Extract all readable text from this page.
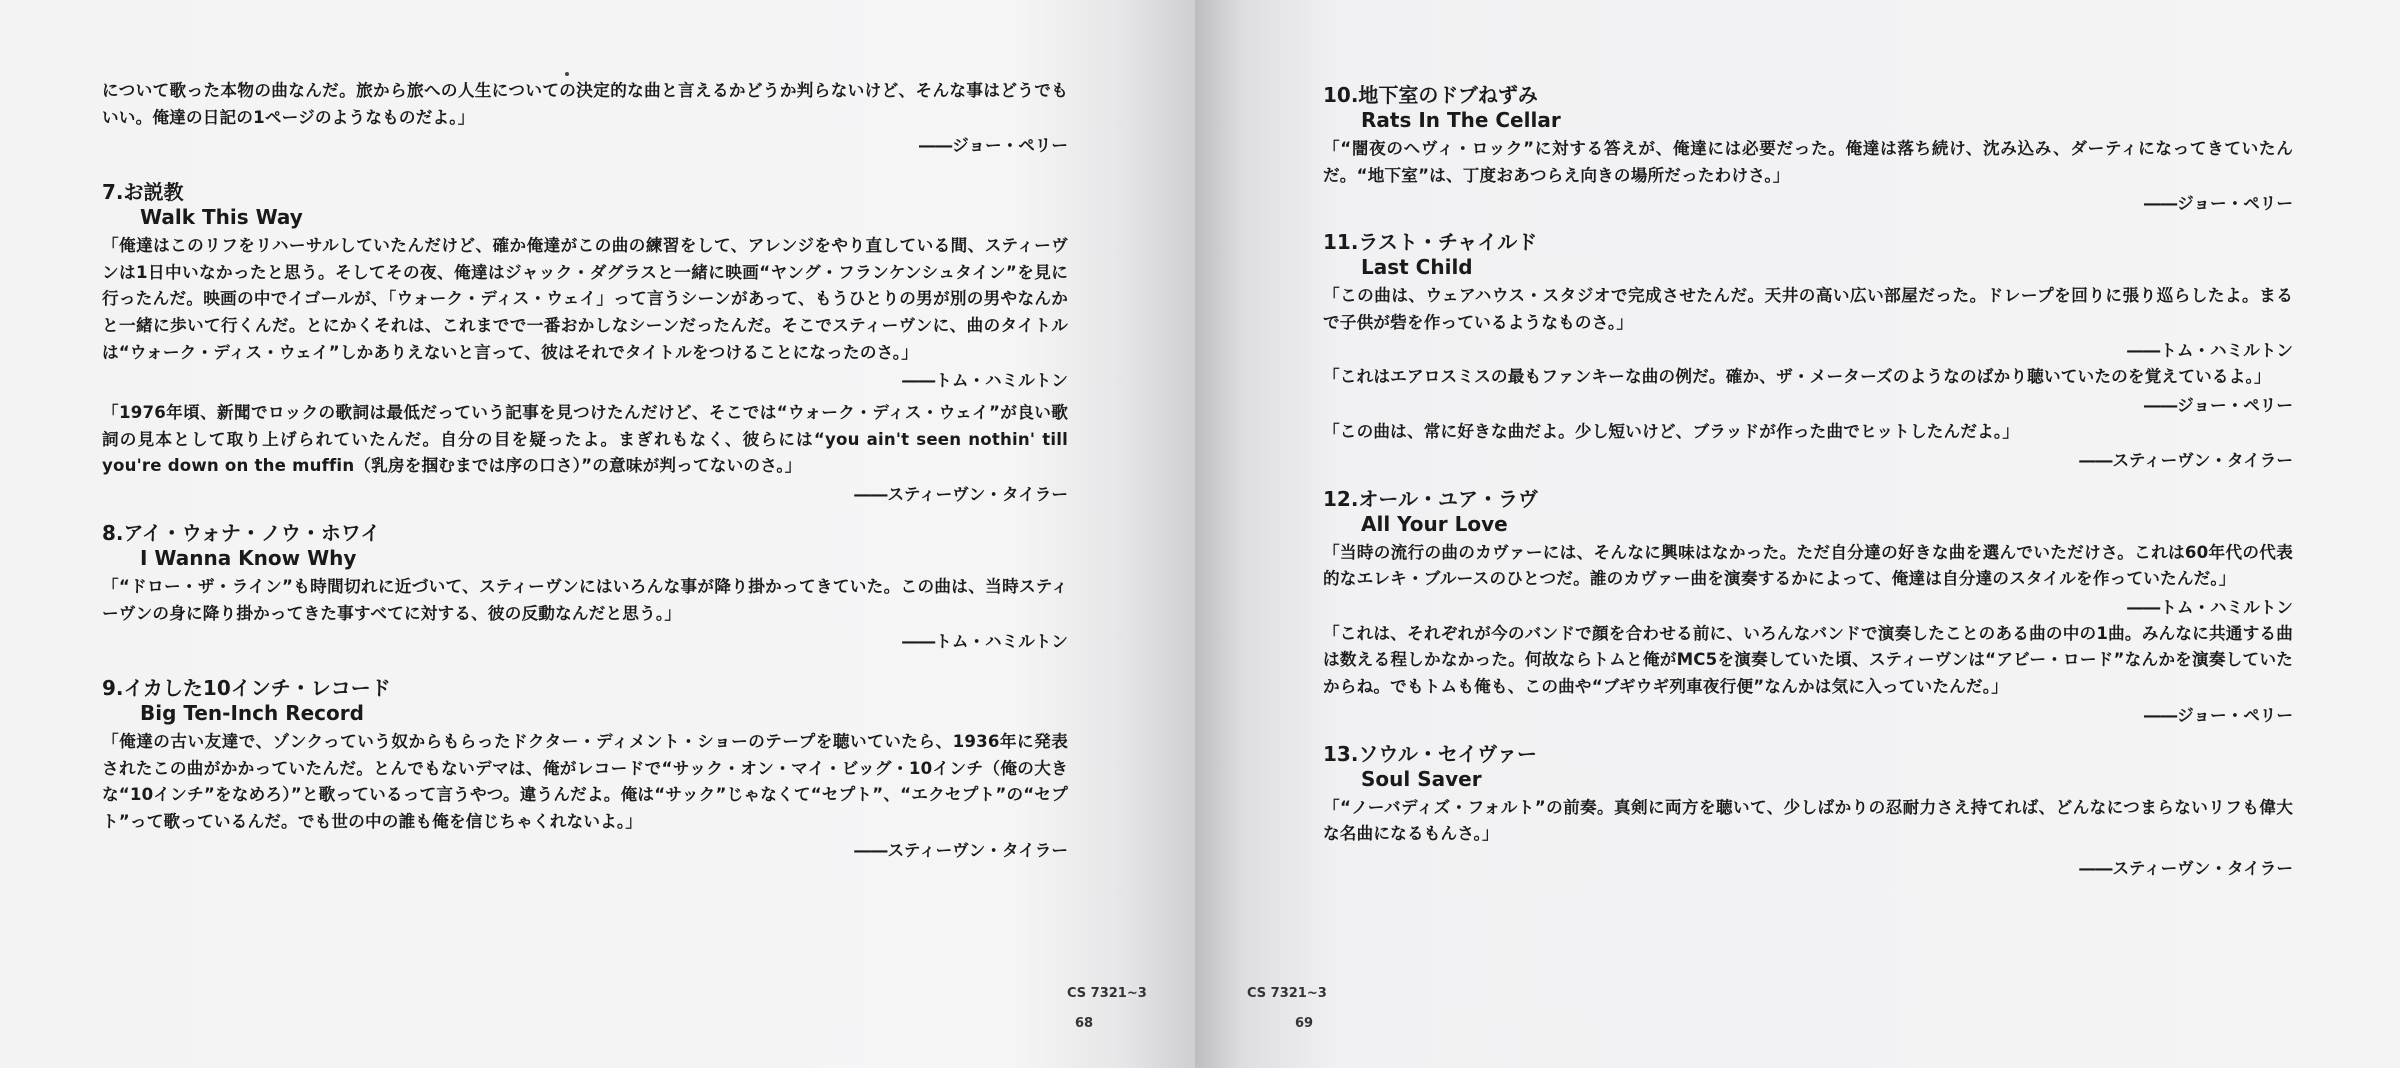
について歌った本物の曲なんだ。旅から旅への人生についての決定的な曲と言えるかどうか判らないけど、そんな事はどうでもいい。俺達の日記の1ページのようなものだよ。」

――ジョー・ペリー

7.お説教

Walk This Way

「俺達はこのリフをリハーサルしていたんだけど、確か俺達がこの曲の練習をして、アレンジをやり直している間、スティーヴンは1日中いなかったと思う。そしてその夜、俺達はジャック・ダグラスと一緒に映画“ヤング・フランケンシュタイン”を見に行ったんだ。映画の中でイゴールが、「ウォーク・ディス・ウェイ」って言うシーンがあって、もうひとりの男が別の男やなんかと一緒に歩いて行くんだ。とにかくそれは、これまでで一番おかしなシーンだったんだ。そこでスティーヴンに、曲のタイトルは“ウォーク・ディス・ウェイ”しかありえないと言って、彼はそれでタイトルをつけることになったのさ。」

――トム・ハミルトン

「1976年頃、新聞でロックの歌詞は最低だっていう記事を見つけたんだけど、そこでは“ウォーク・ディス・ウェイ”が良い歌詞の見本として取り上げられていたんだ。自分の目を疑ったよ。まぎれもなく、彼らには“you ain't seen nothin' till you're down on the muffin（乳房を掴むまでは序の口さ）”の意味が判ってないのさ。」

――スティーヴン・タイラー

8.アイ・ウォナ・ノウ・ホワイ

I Wanna Know Why

「“ドロー・ザ・ライン”も時間切れに近づいて、スティーヴンにはいろんな事が降り掛かってきていた。この曲は、当時スティーヴンの身に降り掛かってきた事すべてに対する、彼の反動なんだと思う。」

――トム・ハミルトン

9.イカした10インチ・レコード

Big Ten-Inch Record

「俺達の古い友達で、ゾンクっていう奴からもらったドクター・ディメント・ショーのテープを聴いていたら、1936年に発表されたこの曲がかかっていたんだ。とんでもないデマは、俺がレコードで“サック・オン・マイ・ビッグ・10インチ（俺の大きな“10インチ”をなめろ）”と歌っているって言うやつ。違うんだよ。俺は“サック”じゃなくて“セプト”、“エクセプト”の“セプト”って歌っているんだ。でも世の中の誰も俺を信じちゃくれないよ。」

――スティーヴン・タイラー

CS 7321~3
68

10.地下室のドブねずみ

Rats In The Cellar

「“闇夜のヘヴィ・ロック”に対する答えが、俺達には必要だった。俺達は落ち続け、沈み込み、ダーティになってきていたんだ。“地下室”は、丁度おあつらえ向きの場所だったわけさ。」

――ジョー・ペリー

11.ラスト・チャイルド

Last Child

「この曲は、ウェアハウス・スタジオで完成させたんだ。天井の高い広い部屋だった。ドレープを回りに張り巡らしたよ。まるで子供が砦を作っているようなものさ。」

――トム・ハミルトン

「これはエアロスミスの最もファンキーな曲の例だ。確か、ザ・メーターズのようなのばかり聴いていたのを覚えているよ。」

――ジョー・ペリー

「この曲は、常に好きな曲だよ。少し短いけど、ブラッドが作った曲でヒットしたんだよ。」

――スティーヴン・タイラー

12.オール・ユア・ラヴ

All Your Love

「当時の流行の曲のカヴァーには、そんなに興味はなかった。ただ自分達の好きな曲を選んでいただけさ。これは60年代の代表的なエレキ・ブルースのひとつだ。誰のカヴァー曲を演奏するかによって、俺達は自分達のスタイルを作っていたんだ。」

――トム・ハミルトン

「これは、それぞれが今のバンドで顔を合わせる前に、いろんなバンドで演奏したことのある曲の中の1曲。みんなに共通する曲は数える程しかなかった。何故ならトムと俺がMC5を演奏していた頃、スティーヴンは“アビー・ロード”なんかを演奏していたからね。でもトムも俺も、この曲や“ブギウギ列車夜行便”なんかは気に入っていたんだ。」

――ジョー・ペリー

13.ソウル・セイヴァー

Soul Saver

「“ノーバディズ・フォルト”の前奏。真剣に両方を聴いて、少しばかりの忍耐力さえ持てれば、どんなにつまらないリフも偉大な名曲になるもんさ。」

――スティーヴン・タイラー

CS 7321~3
69
